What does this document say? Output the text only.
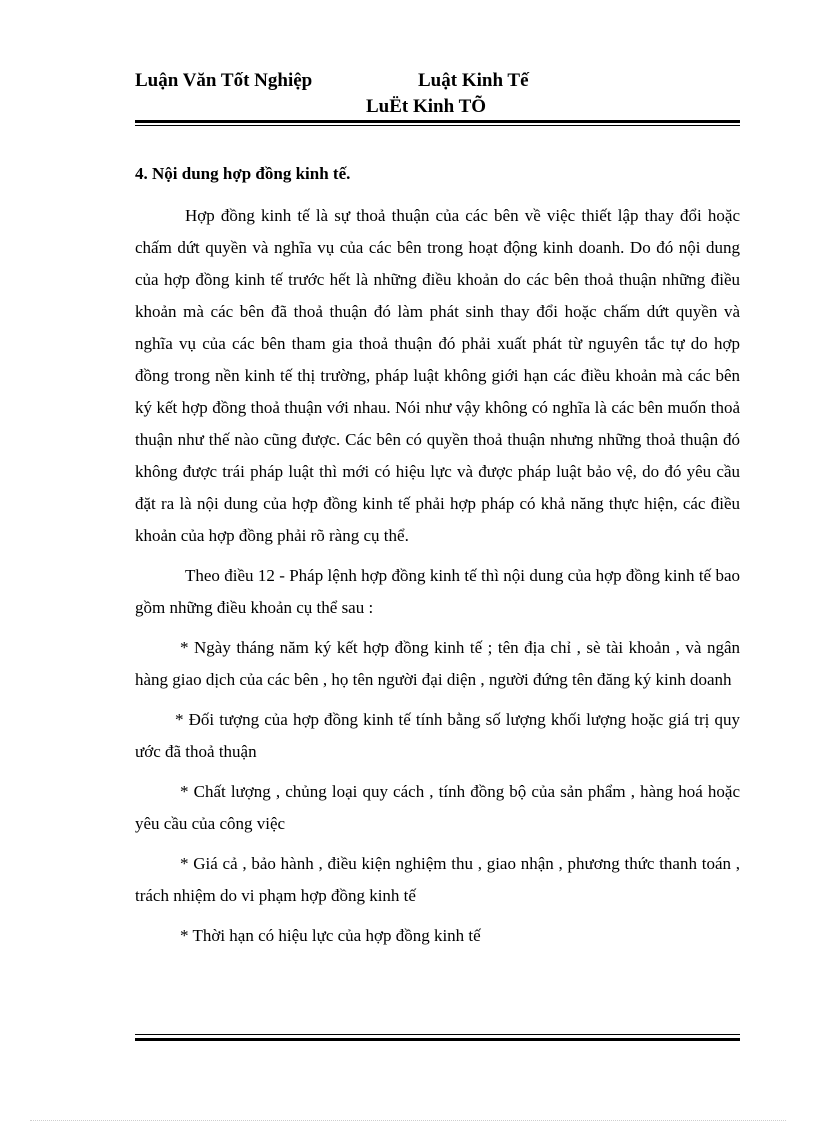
Luận Văn Tốt Nghiệp	Luật Kinh Tế
LuËt Kinh TÕ
4. Nội dung hợp đồng kinh tế.

Hợp đồng kinh tế là sự thoả thuận của các bên về việc thiết lập thay đổi hoặc chấm dứt quyền và nghĩa vụ của các bên trong hoạt động kinh doanh. Do đó nội dung của hợp đồng kinh tế trước hết là những điều khoản do các bên thoả thuận những điều khoản mà các bên đã thoả thuận đó làm phát sinh thay đổi hoặc chấm dứt quyền và nghĩa vụ của các bên tham gia thoả thuận đó phải xuất phát từ nguyên tắc tự do hợp đồng trong nền kinh tế thị trường, pháp luật không giới hạn các điều khoản mà các bên ký kết hợp đồng thoả thuận với nhau. Nói như vậy không có nghĩa là các bên muốn thoả thuận như thế nào cũng được. Các bên có quyền thoả thuận nhưng những thoả thuận đó không được trái pháp luật thì mới có hiệu lực và được pháp luật bảo vệ, do đó yêu cầu đặt ra là nội dung của hợp đồng kinh tế phải hợp pháp có khả năng thực hiện, các điều khoản của hợp đồng phải rõ ràng cụ thể.

Theo điều 12 - Pháp lệnh hợp đồng kinh tế thì nội dung của hợp đồng kinh tế bao gồm những điều khoản cụ thể sau :

* Ngày tháng năm ký kết hợp đồng kinh tế ; tên địa chỉ , sè tài khoản , và ngân hàng giao dịch của các bên , họ tên người đại diện , người đứng tên đăng ký kinh doanh

* Đối tượng của hợp đồng kinh tế tính bằng số lượng khối lượng hoặc giá trị quy ước đã thoả thuận

* Chất lượng , chủng loại quy cách , tính đồng bộ của sản phẩm , hàng hoá hoặc yêu cầu của công việc

* Giá cả , bảo hành , điều kiện nghiệm thu , giao nhận , phương thức thanh toán , trách nhiệm do vi phạm hợp đồng kinh tế

* Thời hạn có hiệu lực của hợp đồng kinh tế
